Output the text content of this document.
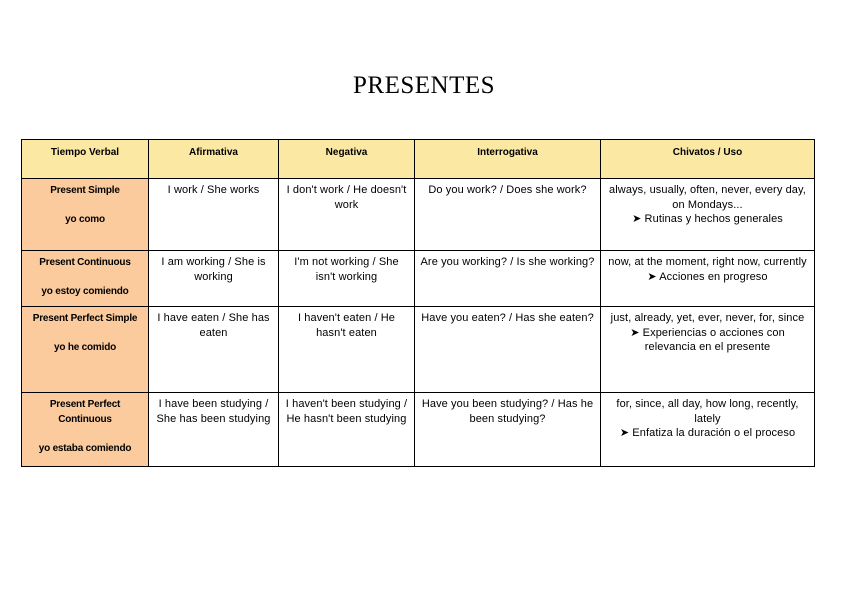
PRESENTES
Tiempo Verbal	Afirmativa	Negativa	Interrogativa	Chivatos / Uso

Present Simple
yo como	I work / She works	I don't work / He doesn't work	Do you work? / Does she work?	always, usually, often, never, every day, on Mondays...
➤ Rutinas y hechos generales

Present Continuous
yo estoy comiendo	I am working / She is working	I'm not working / She isn't working	Are you working? / Is she working?	now, at the moment, right now, currently
➤ Acciones en progreso

Present Perfect Simple
yo he comido	I have eaten / She has eaten	I haven't eaten / He hasn't eaten	Have you eaten? / Has she eaten?	just, already, yet, ever, never, for, since
➤ Experiencias o acciones con relevancia en el presente

Present Perfect Continuous
yo estaba comiendo	I have been studying / She has been studying	I haven't been studying / He hasn't been studying	Have you been studying? / Has he been studying?	for, since, all day, how long, recently, lately
➤ Enfatiza la duración o el proceso
